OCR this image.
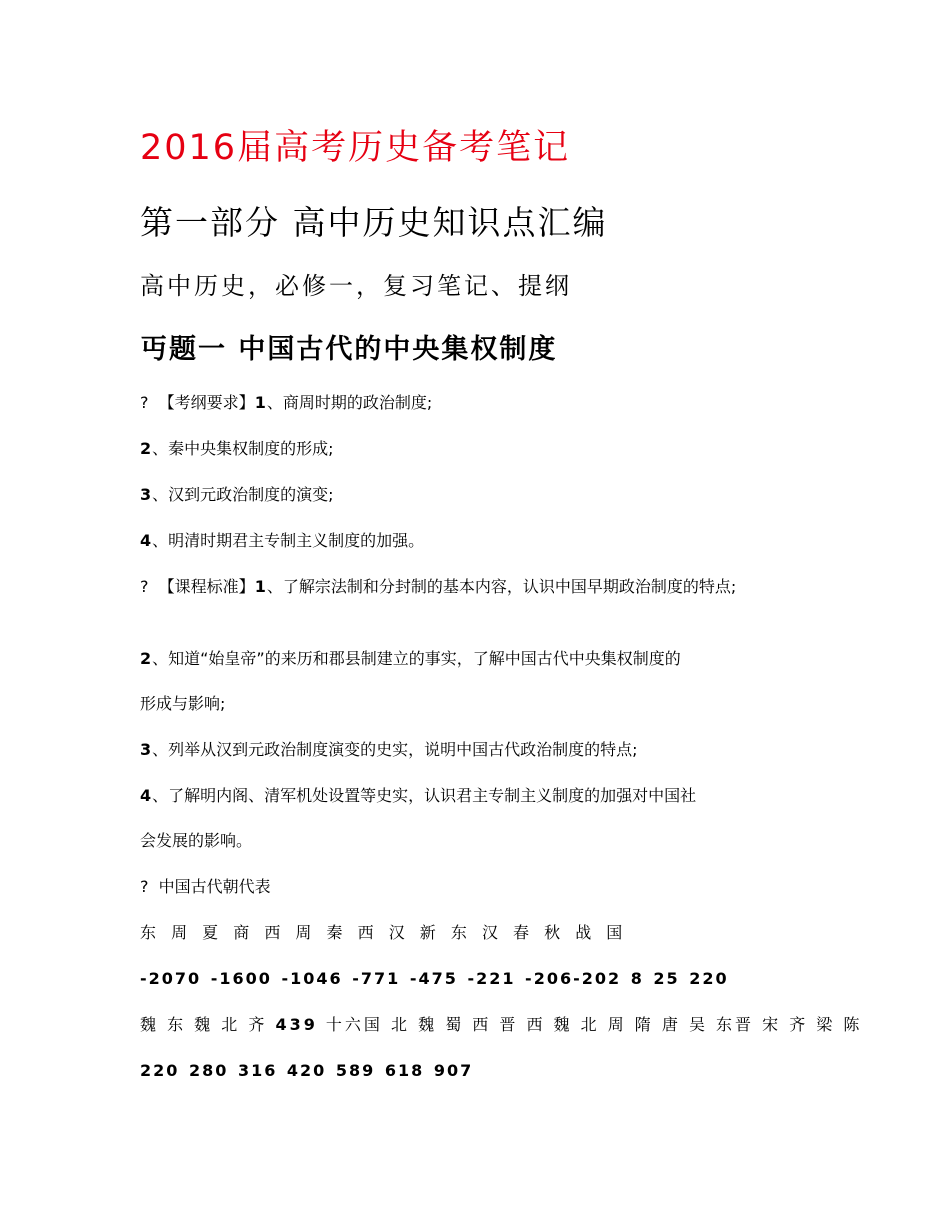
2016届高考历史备考笔记
第一部分 高中历史知识点汇编
高中历史，必修一，复习笔记、提纲
丏题一 中国古代的中央集权制度
? 【考纲要求】1、商周时期的政治制度;
2、秦中央集权制度的形成;
3、汉到元政治制度的演变;
4、明清时期君主专制主义制度的加强。
? 【课程标准】1、了解宗法制和分封制的基本内容，认识中国早期政治制度的特点;
2、知道“始皇帝”的来历和郡县制建立的事实，了解中国古代中央集权制度的
形成与影响;
3、列举从汉到元政治制度演变的史实，说明中国古代政治制度的特点;
4、了解明内阁、清军机处设置等史实，认识君主专制主义制度的加强对中国社
会发展的影响。
? 中国古代朝代表
东 周 夏 商 西 周 秦 西 汉 新 东 汉 春 秋 战 国
-2070 -1600 -1046 -771 -475 -221 -206-202 8 25 220
魏 东 魏 北 齐 439 十六国 北 魏 蜀 西 晋 西 魏 北 周 隋 唐 吴 东晋 宋 齐 梁 陈
220 280 316 420 589 618 907
